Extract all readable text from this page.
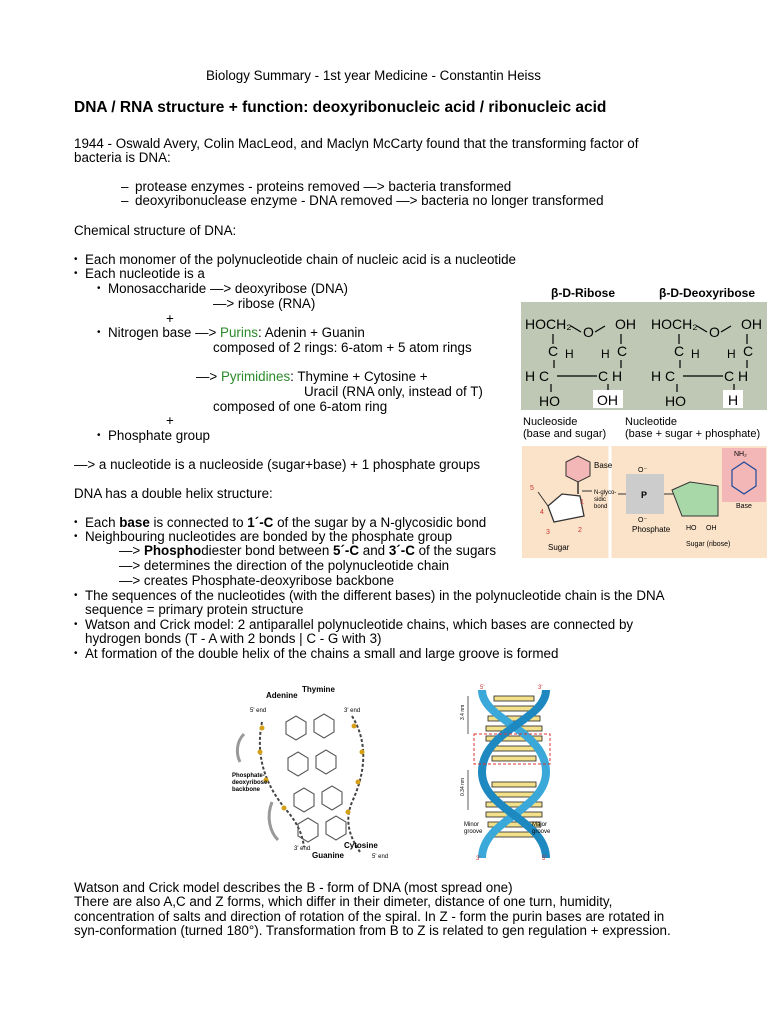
Biology Summary - 1st year Medicine - Constantin Heiss
DNA / RNA structure + function: deoxyribonucleic acid / ribonucleic acid
1944 - Oswald Avery, Colin MacLeod, and Maclyn McCarty found that the transforming factor of
bacteria is DNA:
– protease enzymes - proteins removed —> bacteria transformed
– deoxyribonuclease enzyme - DNA removed —> bacteria no longer transformed
Chemical structure of DNA:
• Each monomer of the polynucleotide chain of nucleic acid is a nucleotide
• Each nucleotide is a
• Monosaccharide —> deoxyribose (DNA)
—> ribose (RNA)
+
• Nitrogen base —> Purins: Adenin + Guanin
composed of 2 rings: 6-atom + 5 atom rings
—> Pyrimidines: Thymine + Cytosine +
Uracil (RNA only, instead of T)
composed of one 6-atom ring
+
• Phosphate group
—> a nucleotide is a nucleoside (sugar+base) + 1 phosphate groups
DNA has a double helix structure:
• Each base is connected to 1´-C of the sugar by a N-glycosidic bond
• Neighbouring nucleotides are bonded by the phosphate group
—> Phosphodiester bond between 5´-C and 3´-C of the sugars
—> determines the direction of the polynucleotide chain
—> creates Phosphate-deoxyribose backbone
• The sequences of the nucleotides (with the different bases) in the polynucleotide chain is the DNA
sequence = primary protein structure
• Watson and Crick model: 2 antiparallel polynucleotide chains, which bases are connected by
hydrogen bonds (T - A with 2 bonds | C - G with 3)
• At formation of the double helix of the chains a small and large groove is formed
Watson and Crick model describes the B - form of DNA (most spread one)
There are also A,C and Z forms, which differ in their dimeter, distance of one turn, humidity,
concentration of salts and direction of rotation of the spiral. In Z - form the purin bases are rotated in
syn-conformation (turned 180°). Transformation from B to Z is related to gen regulation + expression.
β-D-Ribose	β-D-Deoxyribose
HOCH₂ O OH
C	C
H H
H C	C H
HO	OH
HOCH₂ O OH
C	C
H H
H C	C H
HO	H
Nucleoside
(base and sugar)
Nucleotide
(base + sugar + phosphate)
Base
5
1
3	2
4
N-glyco-
sidic
bond
Sugar
O⁻
P
O⁻
Phosphate HO OH
Sugar (ribose)
NH₂
Base
Thymine
Adenine
5' end	3' end
Phosphate-
deoxyribose
backbone
Cytosine
Guanine
3' end
5' end
5'	3'
3.4 nm
0.34 nm
Minor
groove
Major
groove
3'	5'
